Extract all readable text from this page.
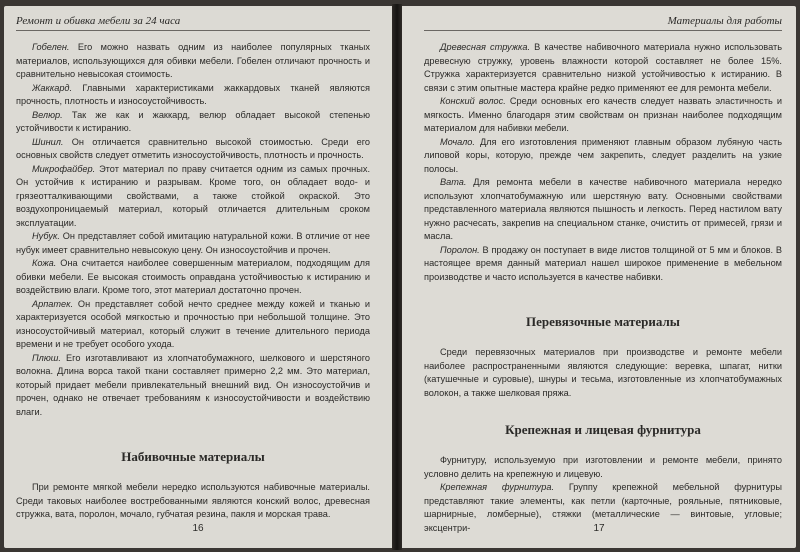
Ремонт и обивка мебели за 24 часа

Гобелен. Его можно назвать одним из наиболее популярных тканых материалов, использующихся для обивки мебели. Гобелен отличают прочность и сравнительно невысокая стоимость.

Жаккард. Главными характеристиками жаккардовых тканей являются прочность, плотность и износоустойчивость.

Велюр. Так же как и жаккард, велюр обладает высокой степенью устойчивости к истиранию.

Шинил. Он отличается сравнительно высокой стоимостью. Среди его основных свойств следует отметить износоустойчивость, плотность и прочность.

Микрофайбер. Этот материал по праву считается одним из самых прочных. Он устойчив к истиранию и разрывам. Кроме того, он обладает водо- и грязеотталкивающими свойствами, а также стойкой окраской. Это воздухопроницаемый материал, который отличается длительным сроком эксплуатации.

Нубук. Он представляет собой имитацию натуральной кожи. В отличие от нее нубук имеет сравнительно невысокую цену. Он износоустойчив и прочен.

Кожа. Она считается наиболее совершенным материалом, подходящим для обивки мебели. Ее высокая стоимость оправдана устойчивостью к истиранию и воздействию влаги. Кроме того, этот материал достаточно прочен.

Арпатек. Он представляет собой нечто среднее между кожей и тканью и характеризуется особой мягкостью и прочностью при небольшой толщине. Это износоустойчивый материал, который служит в течение длительного периода времени и не требует особого ухода.

Плюш. Его изготавливают из хлопчатобумажного, шелкового и шерстяного волокна. Длина ворса такой ткани составляет примерно 2,2 мм. Это материал, который придает мебели привлекательный внешний вид. Он износоустойчив и прочен, однако не отвечает требованиям к износоустойчивости и воздействию влаги.

Набивочные материалы

При ремонте мягкой мебели нередко используются набивочные материалы. Среди таковых наиболее востребованными являются конский волос, древесная стружка, вата, поролон, мочало, губчатая резина, пакля и морская трава.

16
Материалы для работы

Древесная стружка. В качестве набивочного материала нужно использовать древесную стружку, уровень влажности которой составляет не более 15%. Стружка характеризуется сравнительно низкой устойчивостью к истиранию. В связи с этим опытные мастера крайне редко применяют ее для ремонта мебели.

Конский волос. Среди основных его качеств следует назвать эластичность и мягкость. Именно благодаря этим свойствам он признан наиболее подходящим материалом для набивки мебели.

Мочало. Для его изготовления применяют главным образом лубяную часть липовой коры, которую, прежде чем закрепить, следует разделить на узкие полосы.

Вата. Для ремонта мебели в качестве набивочного материала нередко используют хлопчатобумажную или шерстяную вату. Основными свойствами представленного материала являются пышность и легкость. Перед настилом вату нужно расчесать, закрепив на специальном станке, очистить от примесей, грязи и масла.

Поролон. В продажу он поступает в виде листов толщиной от 5 мм и блоков. В настоящее время данный материал нашел широкое применение в мебельном производстве и часто используется в качестве набивки.

Перевязочные материалы

Среди перевязочных материалов при производстве и ремонте мебели наиболее распространенными являются следующие: веревка, шпагат, нитки (катушечные и суровые), шнуры и тесьма, изготовленные из хлопчатобумажных волокон, а также шелковая пряжа.

Крепежная и лицевая фурнитура

Фурнитуру, используемую при изготовлении и ремонте мебели, принято условно делить на крепежную и лицевую.

Крепежная фурнитура. Группу крепежной мебельной фурнитуры представляют такие элементы, как петли (карточные, рояльные, пятниковые, шарнирные, ломберные), стяжки (металлические — винтовые, угловые; эксцентри-	17
